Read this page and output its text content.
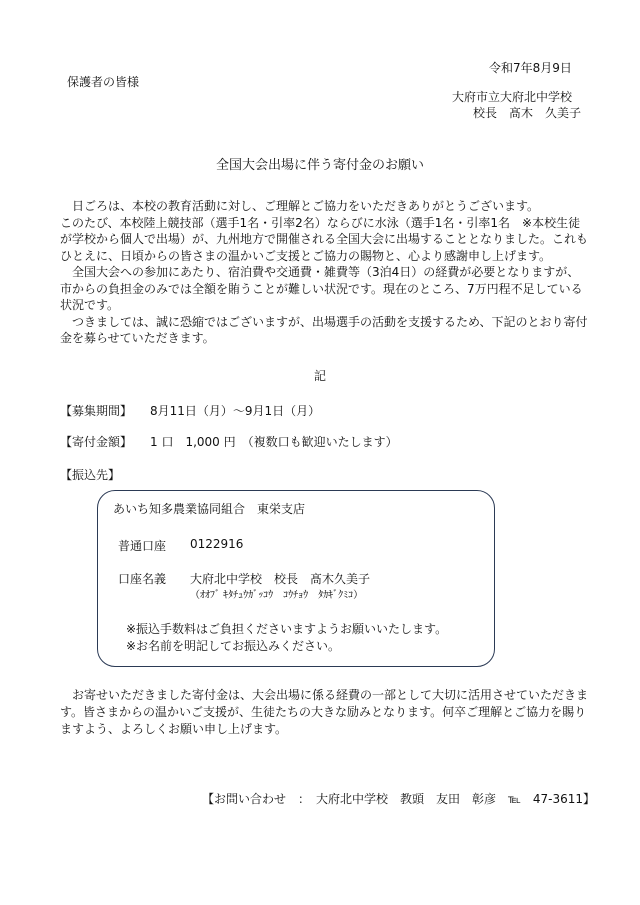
令和7年8月9日
保護者の皆様
大府市立大府北中学校
校長　髙木　久美子
全国大会出場に伴う寄付金のお願い

　日ごろは、本校の教育活動に対し、ご理解とご協力をいただきありがとうございます。

このたび、本校陸上競技部（選手1名・引率2名）ならびに水泳（選手1名・引率1名　※本校生徒が学校から個人で出場）が、九州地方で開催される全国大会に出場することとなりました。これもひとえに、日頃からの皆さまの温かいご支援とご協力の賜物と、心より感謝申し上げます。

　全国大会への参加にあたり、宿泊費や交通費・雑費等（3泊4日）の経費が必要となりますが、市からの負担金のみでは全額を賄うことが難しい状況です。現在のところ、7万円程不足している状況です。

　つきましては、誠に恐縮ではございますが、出場選手の活動を支援するため、下記のとおり寄付金を募らせていただきます。

記
【募集期間】 8月11日（月）～9月1日（月）
【寄付金額】 1 口　1,000 円　（複数口も歓迎いたします）
【振込先】
あいち知多農業協同組合　東栄支店
普通口座 0122916
口座名義 大府北中学校　校長　髙木久美子
（ｵｵﾌﾞ ｷﾀﾁｭｳｶﾞｯｺｳ　ｺｳﾁｮｳ　ﾀｶｷﾞｸﾐｺ）
※振込手数料はご負担くださいますようお願いいたします。
※お名前を明記してお振込みください。
　お寄せいただきました寄付金は、大会出場に係る経費の一部として大切に活用させていただきます。皆さまからの温かいご支援が、生徒たちの大きな励みとなります。何卒ご理解とご協力を賜りますよう、よろしくお願い申し上げます。
【お問い合わせ　：　大府北中学校　教頭　友田　彰彦　℡　47-3611】
